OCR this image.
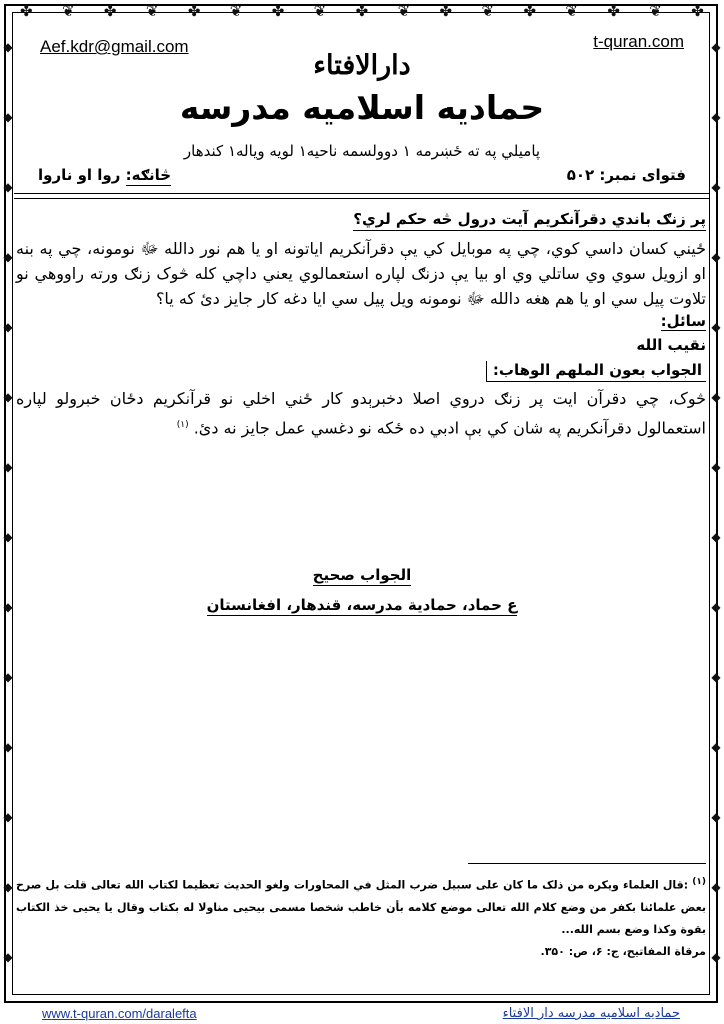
✤ ❦ ✤ ❦ ✤ ❦ ✤ ❦ ✤ ❦ ✤ ❦ ✤ ❦ ✤ ❦ ✤
◆
◆
◆
◆
◆
◆
◆
◆
◆
◆
◆
◆
◆
◆
◆
◆
◆
◆
◆
◆
◆
◆
◆
◆
◆
◆
◆
◆
Aef.kdr@gmail.com	t-quran.com
دارالافتاء
حمادیه اسلامیه مدرسه
پامیلي په ته ځښرمه ۱ دوولسمه ناحیه۱ لویه ویاله۱ کندهار
فتوای نمبر: ۵۰۲
څانګه: روا او ناروا
پر زنګ باندي دقرآنکریم آیت درول څه حکم لري؟
ځیني کسان داسي کوي، چي په موبایل کي یې دقرآنکریم ایاتونه او یا هم نور دالله ﷻ نومونه، چي په بنه او ازویل سوي وي ساتلي وي او بیا یې دزنګ لپاره استعمالوي یعني داچي کله څوک زنګ ورته راووهي نو تلاوت پیل سي او یا هم هغه دالله ﷻ نومونه ویل پیل سي ایا دغه کار جایز دئ که یا؟
سائل:
نقیب الله
الجواب بعون الملهم الوهاب:
څوک، چي دقرآن ایت پر زنګ دروي اصلا دخبرېدو کار ځني اخلي نو قرآنکریم دځان خبرولو لپاره استعمالول دقرآنکریم په شان کي بې ادبي ده ځکه نو دغسي عمل جایز نه دئ. $^{(۱)}$
الجواب صحیح
ع حماد، حمادیة مدرسه، قندهار، افغانستان
$^{(۱)}$ :قال العلماء ویکره من ذلک ما کان علی سبیل ضرب المثل في المحاورات ولغو الحدیث تعظیما لکتاب الله تعالی قلت بل صرح بعض علمائنا بکفر من وضع کلام الله تعالی موضع کلامه بأن خاطب شخصا مسمی بیحیی مناولا له بکتاب وقال یا یحیی خذ الکتاب بقوة وکذا وضع بسم الله...
مرقاة المفاتیح، ج: ۶، ص: ۳۵۰.
www.t-quran.com/daralefta	حمادیه اسلامیه مدرسه دار الافتاء
